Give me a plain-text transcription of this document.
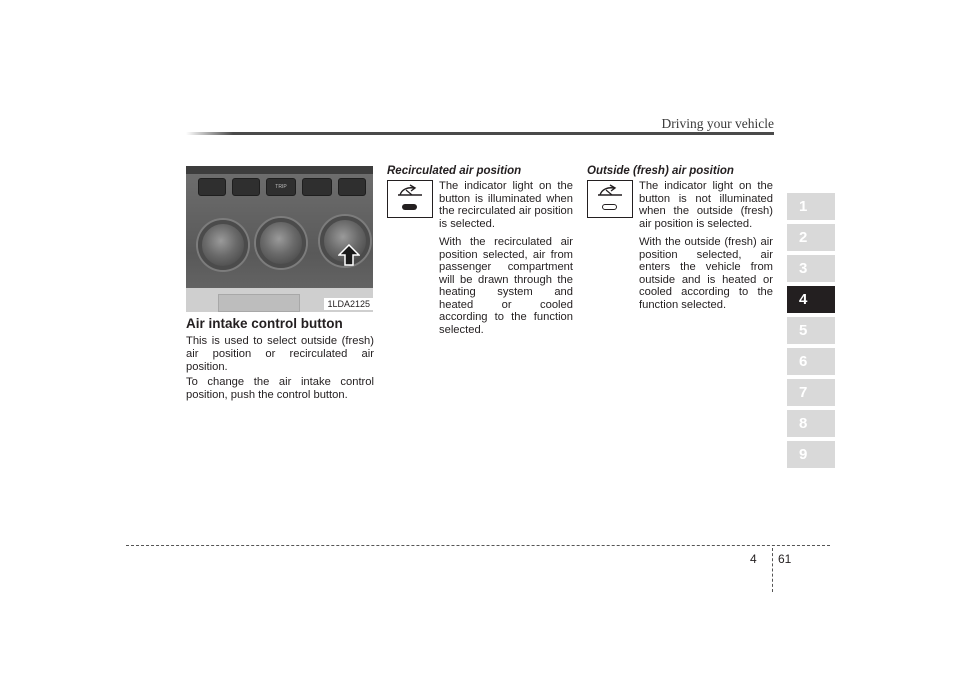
Driving your vehicle
1
2
3
4
5
6
7
8
9
TRIP
1LDA2125
Air intake control button
This is used to select outside (fresh) air position or recirculated air position.
To change the air intake control position, push the control button.
Recirculated air position

The indicator light on the button is illuminated when the recirculated air position is selected.

With the recirculated air position selected, air from passenger compartment will be drawn through the heating system and heated or cooled according to the function selected.

Outside (fresh) air position

The indicator light on the button is not illuminated when the outside (fresh) air position is selected.

With the outside (fresh) air position selected, air enters the vehicle from outside and is heated or cooled according to the function selected.

4 61
